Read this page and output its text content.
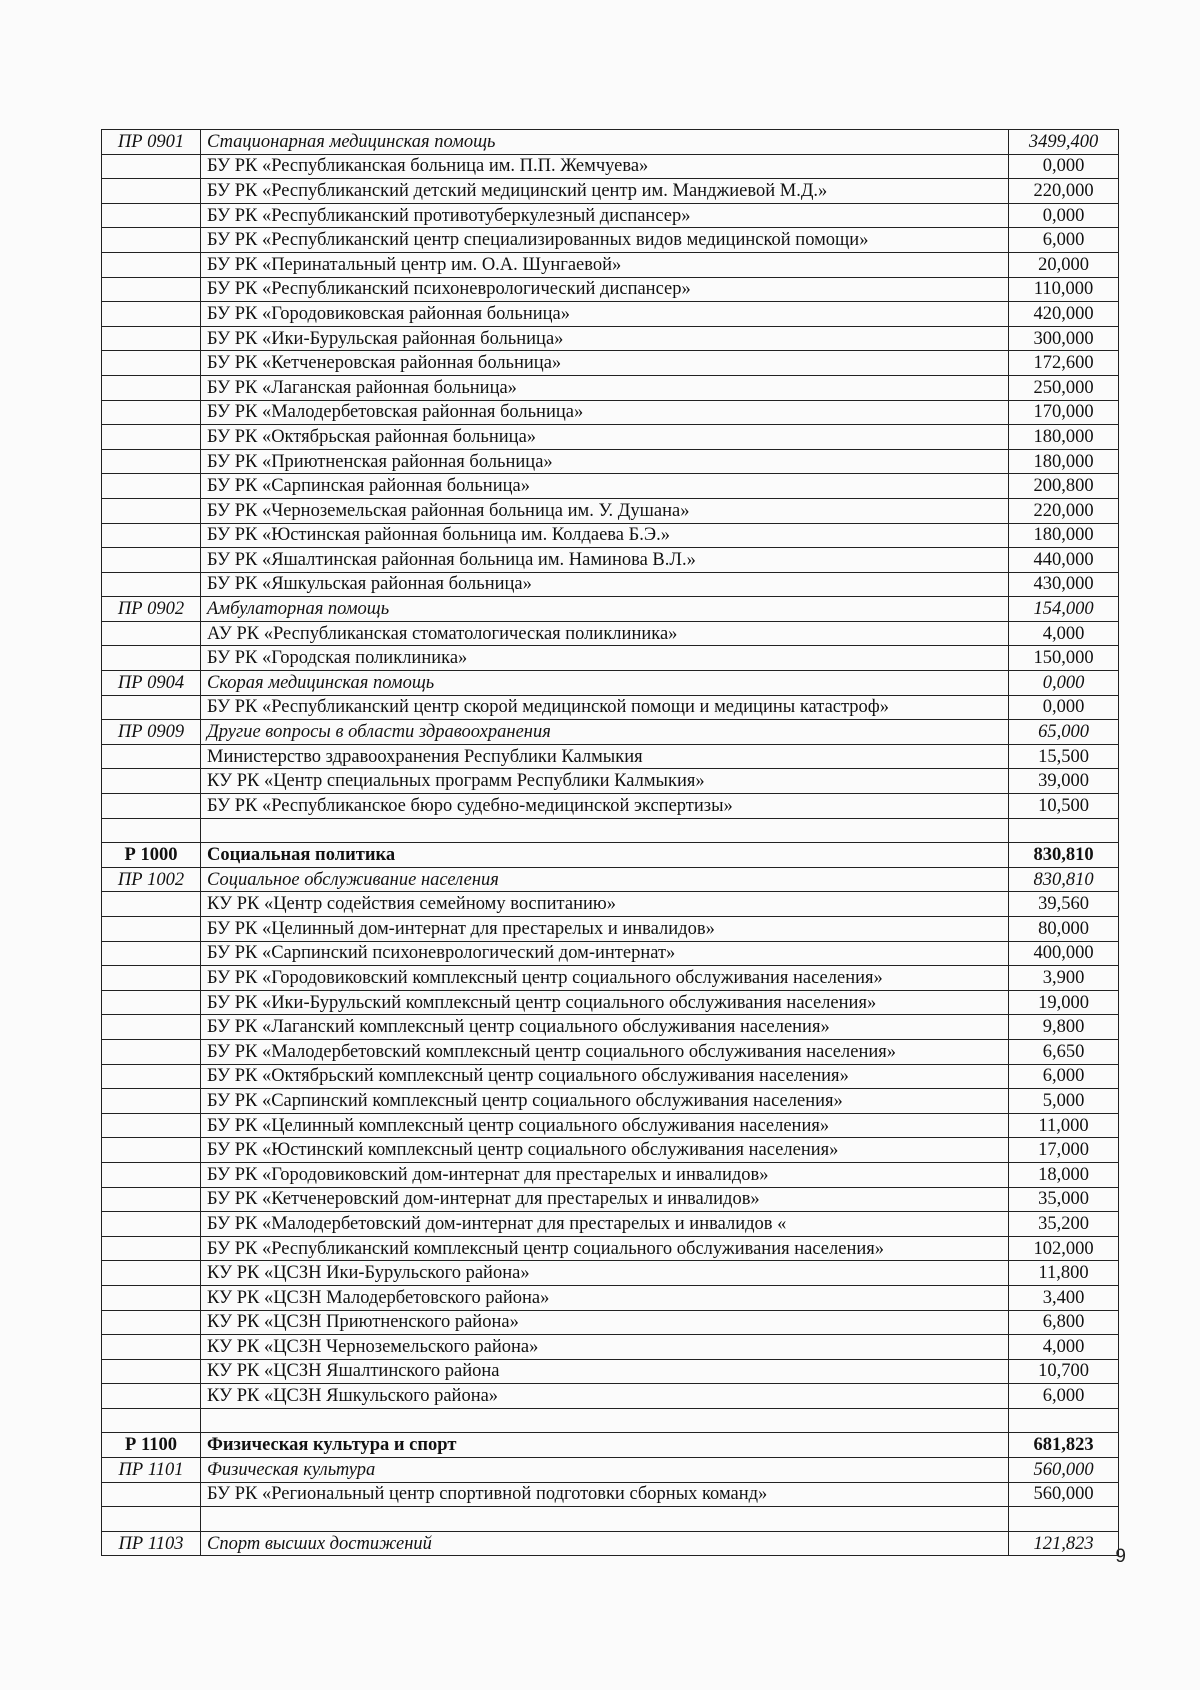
ПР 0901	Стационарная медицинская помощь	3499,400
	БУ РК «Республиканская больница им. П.П. Жемчуева»	0,000
	БУ РК «Республиканский детский медицинский центр им. Манджиевой М.Д.»	220,000
	БУ РК «Республиканский противотуберкулезный диспансер»	0,000
	БУ РК «Республиканский центр специализированных видов медицинской помощи»	6,000
	БУ РК «Перинатальный центр им. О.А. Шунгаевой»	20,000
	БУ РК «Республиканский психоневрологический диспансер»	110,000
	БУ РК «Городовиковская районная больница»	420,000
	БУ РК «Ики-Бурульская районная больница»	300,000
	БУ РК «Кетченеровская районная больница»	172,600
	БУ РК «Лаганская районная больница»	250,000
	БУ РК «Малодербетовская районная больница»	170,000
	БУ РК «Октябрьская районная больница»	180,000
	БУ РК «Приютненская районная больница»	180,000
	БУ РК «Сарпинская районная больница»	200,800
	БУ РК «Черноземельская районная больница им. У. Душана»	220,000
	БУ РК «Юстинская районная больница им. Колдаева Б.Э.»	180,000
	БУ РК «Яшалтинская районная больница им. Наминова В.Л.»	440,000
	БУ РК «Яшкульская районная больница»	430,000
ПР 0902	Амбулаторная помощь	154,000
	АУ РК «Республиканская стоматологическая поликлиника»	4,000
	БУ РК «Городская поликлиника»	150,000
ПР 0904	Скорая медицинская помощь	0,000
	БУ РК «Республиканский центр скорой медицинской помощи и медицины катастроф»	0,000
ПР 0909	Другие вопросы в области здравоохранения	65,000
	Министерство здравоохранения Республики Калмыкия	15,500
	КУ РК «Центр специальных программ Республики Калмыкия»	39,000
	БУ РК «Республиканское бюро судебно-медицинской экспертизы»	10,500

Р 1000	Социальная политика	830,810
ПР 1002	Социальное обслуживание населения	830,810
	КУ РК «Центр содействия семейному воспитанию»	39,560
	БУ РК «Целинный дом-интернат для престарелых и инвалидов»	80,000
	БУ РК «Сарпинский психоневрологический дом-интернат»	400,000
	БУ РК «Городовиковский комплексный центр социального обслуживания населения»	3,900
	БУ РК «Ики-Бурульский комплексный центр социального обслуживания населения»	19,000
	БУ РК «Лаганский комплексный центр социального обслуживания населения»	9,800
	БУ РК «Малодербетовский комплексный центр социального обслуживания населения»	6,650
	БУ РК «Октябрьский комплексный центр социального обслуживания населения»	6,000
	БУ РК «Сарпинский комплексный центр социального обслуживания населения»	5,000
	БУ РК «Целинный комплексный центр социального обслуживания населения»	11,000
	БУ РК «Юстинский комплексный центр социального обслуживания населения»	17,000
	БУ РК «Городовиковский дом-интернат для престарелых и инвалидов»	18,000
	БУ РК «Кетченеровский дом-интернат для престарелых и инвалидов»	35,000
	БУ РК «Малодербетовский дом-интернат для престарелых и инвалидов «	35,200
	БУ РК «Республиканский комплексный центр социального обслуживания населения»	102,000
	КУ РК «ЦСЗН Ики-Бурульского района»	11,800
	КУ РК «ЦСЗН Малодербетовского района»	3,400
	КУ РК «ЦСЗН Приютненского района»	6,800
	КУ РК «ЦСЗН Черноземельского района»	4,000
	КУ РК «ЦСЗН Яшалтинского района	10,700
	КУ РК «ЦСЗН Яшкульского района»	6,000

Р 1100	Физическая культура и спорт	681,823
ПР 1101	Физическая культура	560,000
	БУ РК «Региональный центр спортивной подготовки сборных команд»	560,000

ПР 1103	Спорт высших достижений	121,823
9
